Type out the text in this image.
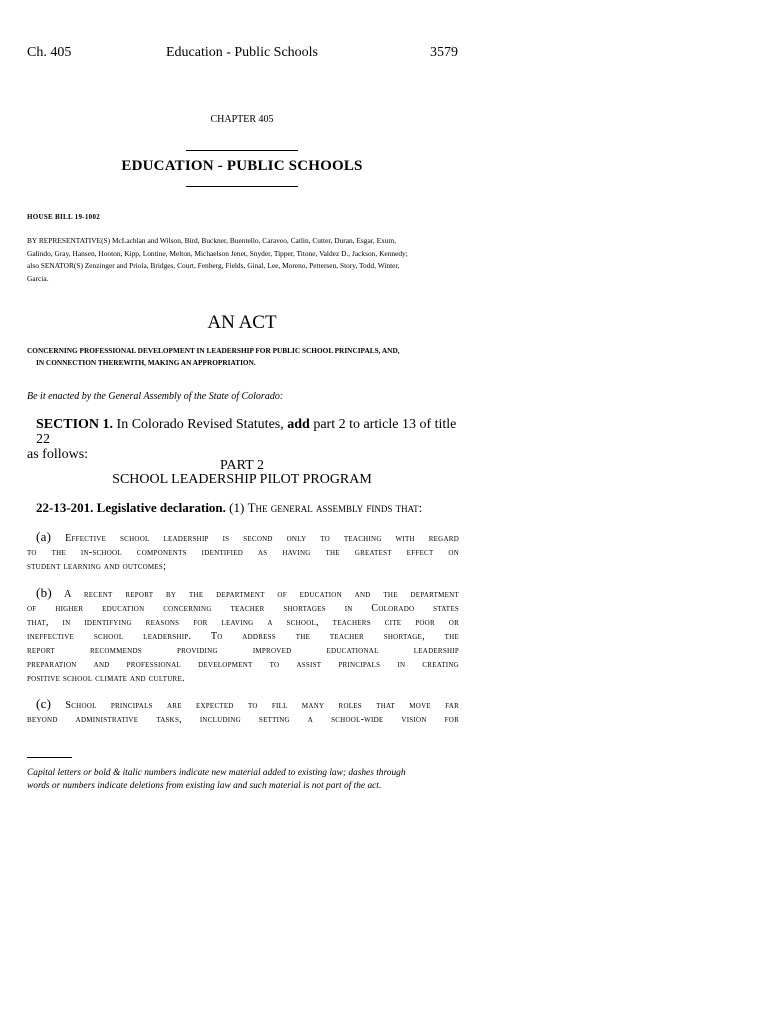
Ch. 405	Education - Public Schools	3579
CHAPTER 405
EDUCATION - PUBLIC SCHOOLS
HOUSE BILL 19-1002
BY REPRESENTATIVE(S) McLachlan and Wilson, Bird, Buckner, Buentello, Caraveo, Catlin, Cutter, Duran, Esgar, Exum,
Galindo, Gray, Hansen, Hooton, Kipp, Lontine, Melton, Michaelson Jenet, Snyder, Tipper, Titone, Valdez D., Jackson, Kennedy;
also SENATOR(S) Zenzinger and Priola, Bridges, Court, Fenberg, Fields, Ginal, Lee, Moreno, Pettersen, Story, Todd, Winter,
Garcia.
AN ACT
CONCERNING PROFESSIONAL DEVELOPMENT IN LEADERSHIP FOR PUBLIC SCHOOL PRINCIPALS, AND,
IN CONNECTION THEREWITH, MAKING AN APPROPRIATION.
Be it enacted by the General Assembly of the State of Colorado:
SECTION 1. In Colorado Revised Statutes, add part 2 to article 13 of title 22
as follows:
PART 2
SCHOOL LEADERSHIP PILOT PROGRAM
22-13-201. Legislative declaration. (1) The general assembly finds that:
(a) Effective school leadership is second only to teaching with regard
to the in-school components identified as having the greatest effect on
student learning and outcomes;
(b) A recent report by the department of education and the department
of higher education concerning teacher shortages in Colorado states
that, in identifying reasons for leaving a school, teachers cite poor or
ineffective school leadership. To address the teacher shortage, the
report recommends providing improved educational leadership
preparation and professional development to assist principals in creating
positive school climate and culture.
(c) School principals are expected to fill many roles that move far
beyond administrative tasks, including setting a school-wide vision for
Capital letters or bold & italic numbers indicate new material added to existing law; dashes through
words or numbers indicate deletions from existing law and such material is not part of the act.
